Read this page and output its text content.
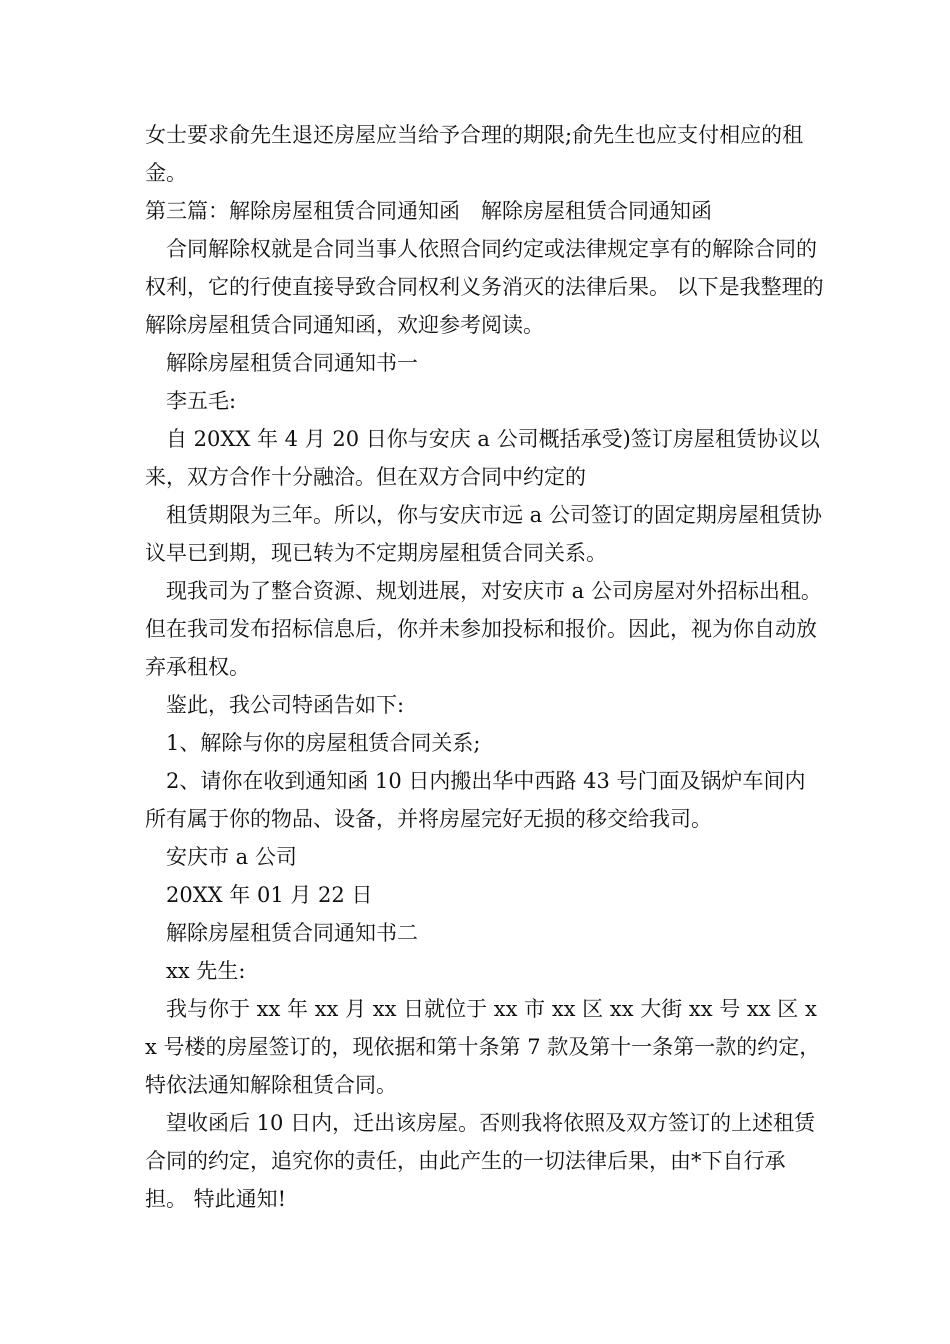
女士要求俞先生退还房屋应当给予合理的期限;俞先生也应支付相应的租金。

第三篇：解除房屋租赁合同通知函　解除房屋租赁合同通知函

合同解除权就是合同当事人依照合同约定或法律规定享有的解除合同的权利，它的行使直接导致合同权利义务消灭的法律后果。 以下是我整理的解除房屋租赁合同通知函，欢迎参考阅读。

解除房屋租赁合同通知书一

李五毛:

自 20XX 年 4 月 20 日你与安庆 a 公司概括承受)签订房屋租赁协议以来，双方合作十分融洽。但在双方合同中约定的

租赁期限为三年。所以，你与安庆市远 a 公司签订的固定期房屋租赁协议早已到期，现已转为不定期房屋租赁合同关系。

现我司为了整合资源、规划进展，对安庆市 a 公司房屋对外招标出租。但在我司发布招标信息后，你并未参加投标和报价。因此，视为你自动放弃承租权。

鉴此，我公司特函告如下:

1、解除与你的房屋租赁合同关系;

2、请你在收到通知函 10 日内搬出华中西路 43 号门面及锅炉车间内所有属于你的物品、设备，并将房屋完好无损的移交给我司。

安庆市 a 公司

20XX 年 01 月 22 日

解除房屋租赁合同通知书二

xx 先生:

我与你于 xx 年 xx 月 xx 日就位于 xx 市 xx 区 xx 大街 xx 号 xx 区 xx 号楼的房屋签订的，现依据和第十条第 7 款及第十一条第一款的约定，特依法通知解除租赁合同。

望收函后 10 日内，迁出该房屋。否则我将依照及双方签订的上述租赁合同的约定，追究你的责任，由此产生的一切法律后果，由*下自行承担。 特此通知!
